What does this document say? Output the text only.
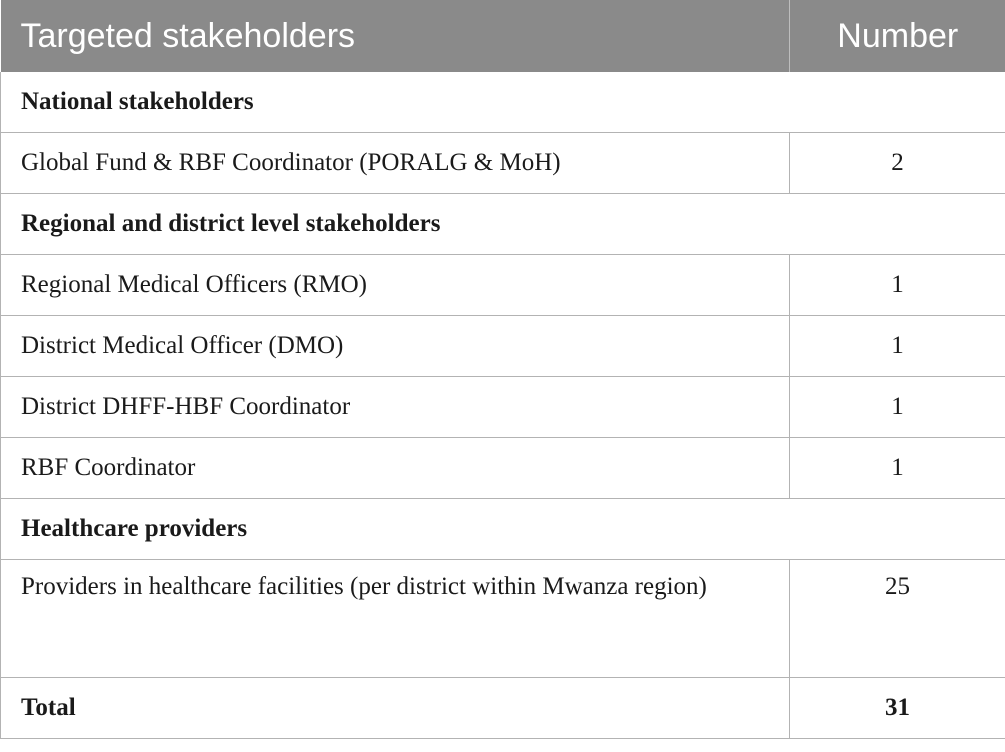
Targeted stakeholders	Number
National stakeholders	
Global Fund & RBF Coordinator (PORALG & MoH)	2
Regional and district level stakeholders	
Regional Medical Officers (RMO)	1
District Medical Officer (DMO)	1
District DHFF-HBF Coordinator	1
RBF Coordinator	1
Healthcare providers	
Providers in healthcare facilities (per district within Mwanza region)	25
Total	31
